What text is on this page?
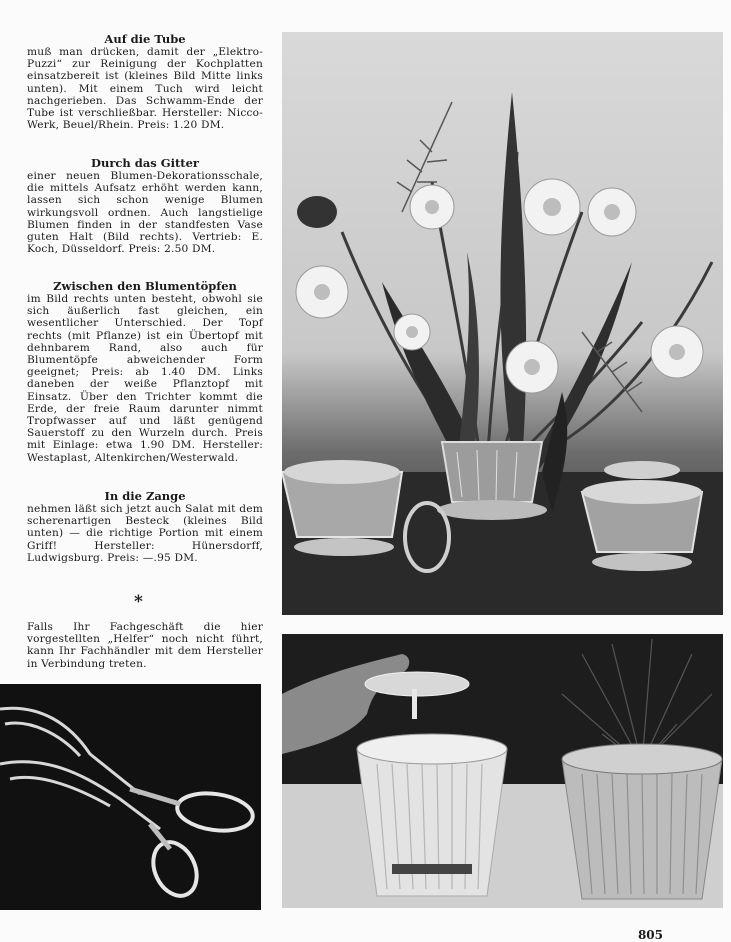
Auf die Tube

muß man drücken, damit der „Elektro-Puzzi“ zur Reinigung der Kochplatten einsatzbereit ist (kleines Bild Mitte links unten). Mit einem Tuch wird leicht nachgerieben. Das Schwamm-Ende der Tube ist verschließbar. Hersteller: Nicco-Werk, Beuel/Rhein. Preis: 1.20 DM.

Durch das Gitter

einer neuen Blumen-Dekorationsschale, die mittels Aufsatz erhöht werden kann, lassen sich schon wenige Blumen wirkungsvoll ordnen. Auch langstielige Blumen finden in der standfesten Vase guten Halt (Bild rechts). Vertrieb: E. Koch, Düsseldorf. Preis: 2.50 DM.

Zwischen den Blumentöpfen

im Bild rechts unten besteht, obwohl sie sich äußerlich fast gleichen, ein wesentlicher Unterschied. Der Topf rechts (mit Pflanze) ist ein Übertopf mit dehnbarem Rand, also auch für Blumentöpfe abweichender Form geeignet; Preis: ab 1.40 DM. Links daneben der weiße Pflanztopf mit Einsatz. Über den Trichter kommt die Erde, der freie Raum darunter nimmt Tropfwasser auf und läßt genügend Sauerstoff zu den Wurzeln durch. Preis mit Einlage: etwa 1.90 DM. Hersteller: Westaplast, Altenkirchen/Westerwald.

In die Zange

nehmen läßt sich jetzt auch Salat mit dem scherenartigen Besteck (kleines Bild unten) — die richtige Portion mit einem Griff! Hersteller: Hünersdorff, Ludwigsburg. Preis: —.95 DM.

*

Falls Ihr Fachgeschäft die hier vorgestellten „Helfer“ noch nicht führt, kann Ihr Fachhändler mit dem Hersteller in Verbindung treten.

805
